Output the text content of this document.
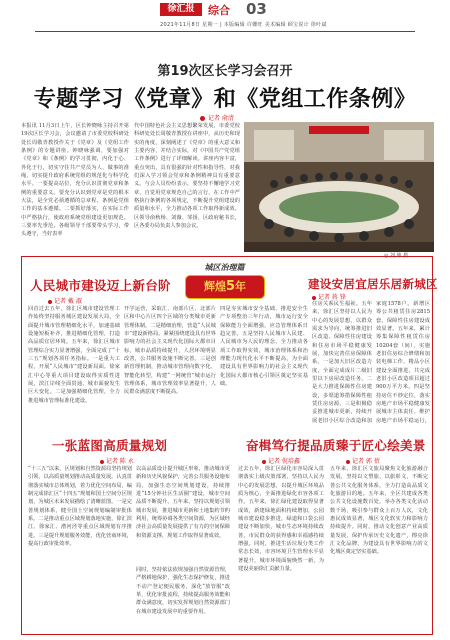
徐汇报	综合 03
2021年11月8日 星期一 | 本版编辑 许姗旺 美术编辑 顾宝说计 徐叶斌
第19次区长学习会召开
专题学习《党章》和《党组工作条例》
记者 俞清
本报讯 11月3日上午，区长钟晓咏主持召开第19次区长学习会，会议邀请了市委党校科研处处长周敬青教授作关于《党章》及《党组工作条例》的专题讲座。钟晓咏强调，要加强对《党章》和《条例》的学习贯彻，内化于心、外化于行，切实守住共产党员为人、做事的准绳，切实提升政府系统党组的规范化与科学化水平。一要提高站位，充分认识贯彻党章和条例的重要意义。要充分认识到党章是党的根本大法，是全党必须遵循的总章程，条例是党组工作的基本遵循。二要抓好落实，在实际工作中严格执行，使政府系统党组建设更加规范。三要率先垂范，各级领导干部要带头学习，带头遵守，当好表率
代中国特色社会主义思想繁荣发展，市委党校科研处处长周敬青教授在讲座中，从历史和现实的角度，深刻阐述了《党章》的重大意义和主要内容，并结合实际，对《中国共产党党组工作条例》进行了详细解读。讲座内容丰富，重点突出，具有很强的针对性和指导性，对我们深入学习领会党章和条例精神具有重要意义。与会人员纷纷表示，要坚持不懈地学习党章，自觉用党章规范自己的言行，在工作中严格执行条例的各项规定，不断提升党组建设的质量和水平，全力推动各项工作取得新成效。区领导俞秋杨、刘薇、邹扬，区政府秘书长，区各委办局负责人参加会议。
◎ 刘 坤 摄
城区治理篇
辉煌5年
人民城市建设迈上新台阶
记者 戴 淑
回首过去五年，徐汇区城市建设管理工作始终坚持服务城区建设发展大局，全面提升城市管理精细化水平，加速基础设施短板补齐，推进精细化管理，打造高品质宜居环境。五年来，徐汇区城市管理综合实力显著增强，全面完成了“十三五”规划各项任务指标。一是重大工程，开展“人民城市”建设新局面。徐家汇中心等重大项目建设取得实质性进展，滨江岸线全面贯通，城市面貌发生巨大变化。二是加强精细化管理，全力推进城市管理标准化建设。
开学运营，采取汇、南部片区、北部片区和中心片区四个区域的分类城市更新管理体制。二是精细治理，营造“人民城市”建设新格局。紧紧围绕建设具有世界影响力的社会主义现代化国际大都市目标，城市品质持续提升，人居环境明显改善，公共服务设施不断完善。三是创新管理机制，推动城市管理向数字化、智能化转型，构建“一网统管”城市运行管理体系，城市管理效率显著提升，人民群众满意度不断提高。
四是夯实城市安全基础，推进安全生产专项整治三年行动，城市运行安全保障能力全面增强，应急管理体系日趋完善。五是坚持人民城市人民建、人民城市为人民的理念，全力推动各项工作取得实效，城市治理体系和治理能力现代化水平不断提高，为全面建设具有世界影响力的社会主义现代化国际大都市核心引领区奠定坚实基础。
建设安居宜居乐居新城区
记者 蒋 锋
住房关系民生福祉。五年来，徐汇区坚持以人民为中心的发展思想，以群众需求为导向，统筹推进旧区改造、保障性住房建设和住房市场平稳健康发展，加快完善住房保障体系。一是加大旧区改造力度，全面完成成片二级旧里以下房屋改造任务。二是大力推进保障性住房建设，多渠道筹措保障性租赁住房房源。三是积极稳妥推进城市更新，持续开展老旧小区综合改造和加
家庭1578户。新增区筹公共租赁住房2815套，保障性住房建设成效显著。五年来，累计筹集保障性租赁住房10204套（间），实施老旧住房综合修缮和加装电梯工作，精品小区建设全面推进，共完成老旧小区改造项目超过900万平方米。四是坚持房住不炒定位，落实房地产市场平稳健康发展城市主体责任，维护房地产市场平稳运行，
一张蓝图高质量规划
记者 陈 永
“十三五”以来，区规划和自然资源局坚持规划引领，以高质量规划推动高质量发展。认真贯彻落实城市总体规划，着力优化空间布局，编制完成徐汇区“十四五”规划和国土空间分区规划，为城区未来发展描绘了清晰蓝图。一是完善规划体系，健全国土空间规划编制审批体系。二是推动重点区域规划落地实施，徐汇滨江、徐家汇、漕河泾等重点区域规划有序推进。三是提升规划服务效能，优化营商环境，提高行政审批效率。
以高品质设计提升城区形象，推动城市更新和历史风貌保护，完善公共服务设施布局，加强生态空间规划建设，持续推进“15分钟社区生活圈”建设，城市空间品质不断提升。五年来，坚持以规划引领城市发展，推进城市更新和土地集约节约利用，统筹协调各类空间资源，为区域经济社会高质量发展提供了有力的空间保障和资源支撑，规划工作取得显著成效。
同时，坚持依法依规加强自然资源管理，严格耕地保护，强化生态保护修复，推进不动产登记便民服务，深化“放管服”改革，优化审批流程，持续提高服务效能和群众满意度，切实发挥规划自然资源部门在城市建设发展中的重要作用。
奋楫笃行提品质
记者 倪培鑫
过去五年，徐汇区绿化市容局深入贯彻落实上级决策部署，坚持以人民为中心的发展思想，以提升城区环境品质为核心，全面推进绿化市容各项工作。五年来，徐汇绿化建设取得显著成效，新建绿地面积持续增加，公园城市建设稳步推进，绿道和口袋公园建设不断加快，城市生态环境持续改善，市民群众的获得感和幸福感持续增强。同时，推进生活垃圾分类工作常态长效，市容环境卫生管理水平显著提升，城市环境面貌焕然一新，为建设美丽徐汇贡献力量。
臻于匠心绘美景
记者 郭 蓓
五年来，徐汇区文旅局聚焦文化旅游融合发展，坚持以文塑旅、以旅彰文，不断完善公共文化服务体系，全力打造高品质文化旅游目的地。五年来，全区共建成各类公共文化设施数百处，举办各类文化活动数千场，吸引参与群众上百万人次，文化惠民成效显著，城区文化软实力和影响力持续提升。同时，推动文化创意产业高质量发展，保护传承历史文化遗产，擦亮徐汇文化品牌，为建设具有世界影响力的文化城区奠定坚实基础。
